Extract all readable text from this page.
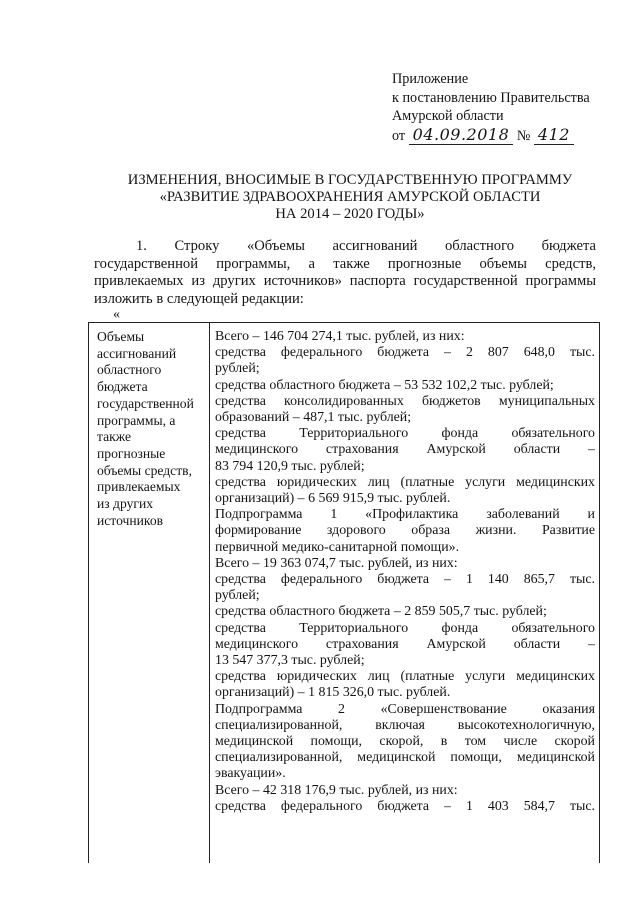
Приложение
к постановлению Правительства
Амурской области
от 04.09.2018 № 412
ИЗМЕНЕНИЯ, ВНОСИМЫЕ В ГОСУДАРСТВЕННУЮ ПРОГРАММУ
«РАЗВИТИЕ ЗДРАВООХРАНЕНИЯ АМУРСКОЙ ОБЛАСТИ
НА 2014 – 2020 ГОДЫ»
1. Строку «Объемы ассигнований областного бюджета
государственной программы, а также прогнозные объемы средств,
привлекаемых из других источников» паспорта государственной программы
изложить в следующей редакции:
«
Объемы
ассигнований
областного
бюджета
государственной
программы, а
также
прогнозные
объемы средств,
привлекаемых
из других
источников
Всего – 146 704 274,1 тыс. рублей, из них:
средства федерального бюджета – 2 807 648,0 тыс.
рублей;
средства областного бюджета – 53 532 102,2 тыс. рублей;
средства консолидированных бюджетов муниципальных
образований – 487,1 тыс. рублей;
средства Территориального фонда обязательного
медицинского страхования Амурской области –
83 794 120,9 тыс. рублей;
средства юридических лиц (платные услуги медицинских
организаций) – 6 569 915,9 тыс. рублей.
Подпрограмма 1 «Профилактика заболеваний и
формирование здорового образа жизни. Развитие
первичной медико-санитарной помощи».
Всего – 19 363 074,7 тыс. рублей, из них:
средства федерального бюджета – 1 140 865,7 тыс.
рублей;
средства областного бюджета – 2 859 505,7 тыс. рублей;
средства Территориального фонда обязательного
медицинского страхования Амурской области –
13 547 377,3 тыс. рублей;
средства юридических лиц (платные услуги медицинских
организаций) – 1 815 326,0 тыс. рублей.
Подпрограмма 2 «Совершенствование оказания
специализированной, включая высокотехнологичную,
медицинской помощи, скорой, в том числе скорой
специализированной, медицинской помощи, медицинской
эвакуации».
Всего – 42 318 176,9 тыс. рублей, из них:
средства федерального бюджета – 1 403 584,7 тыс.
